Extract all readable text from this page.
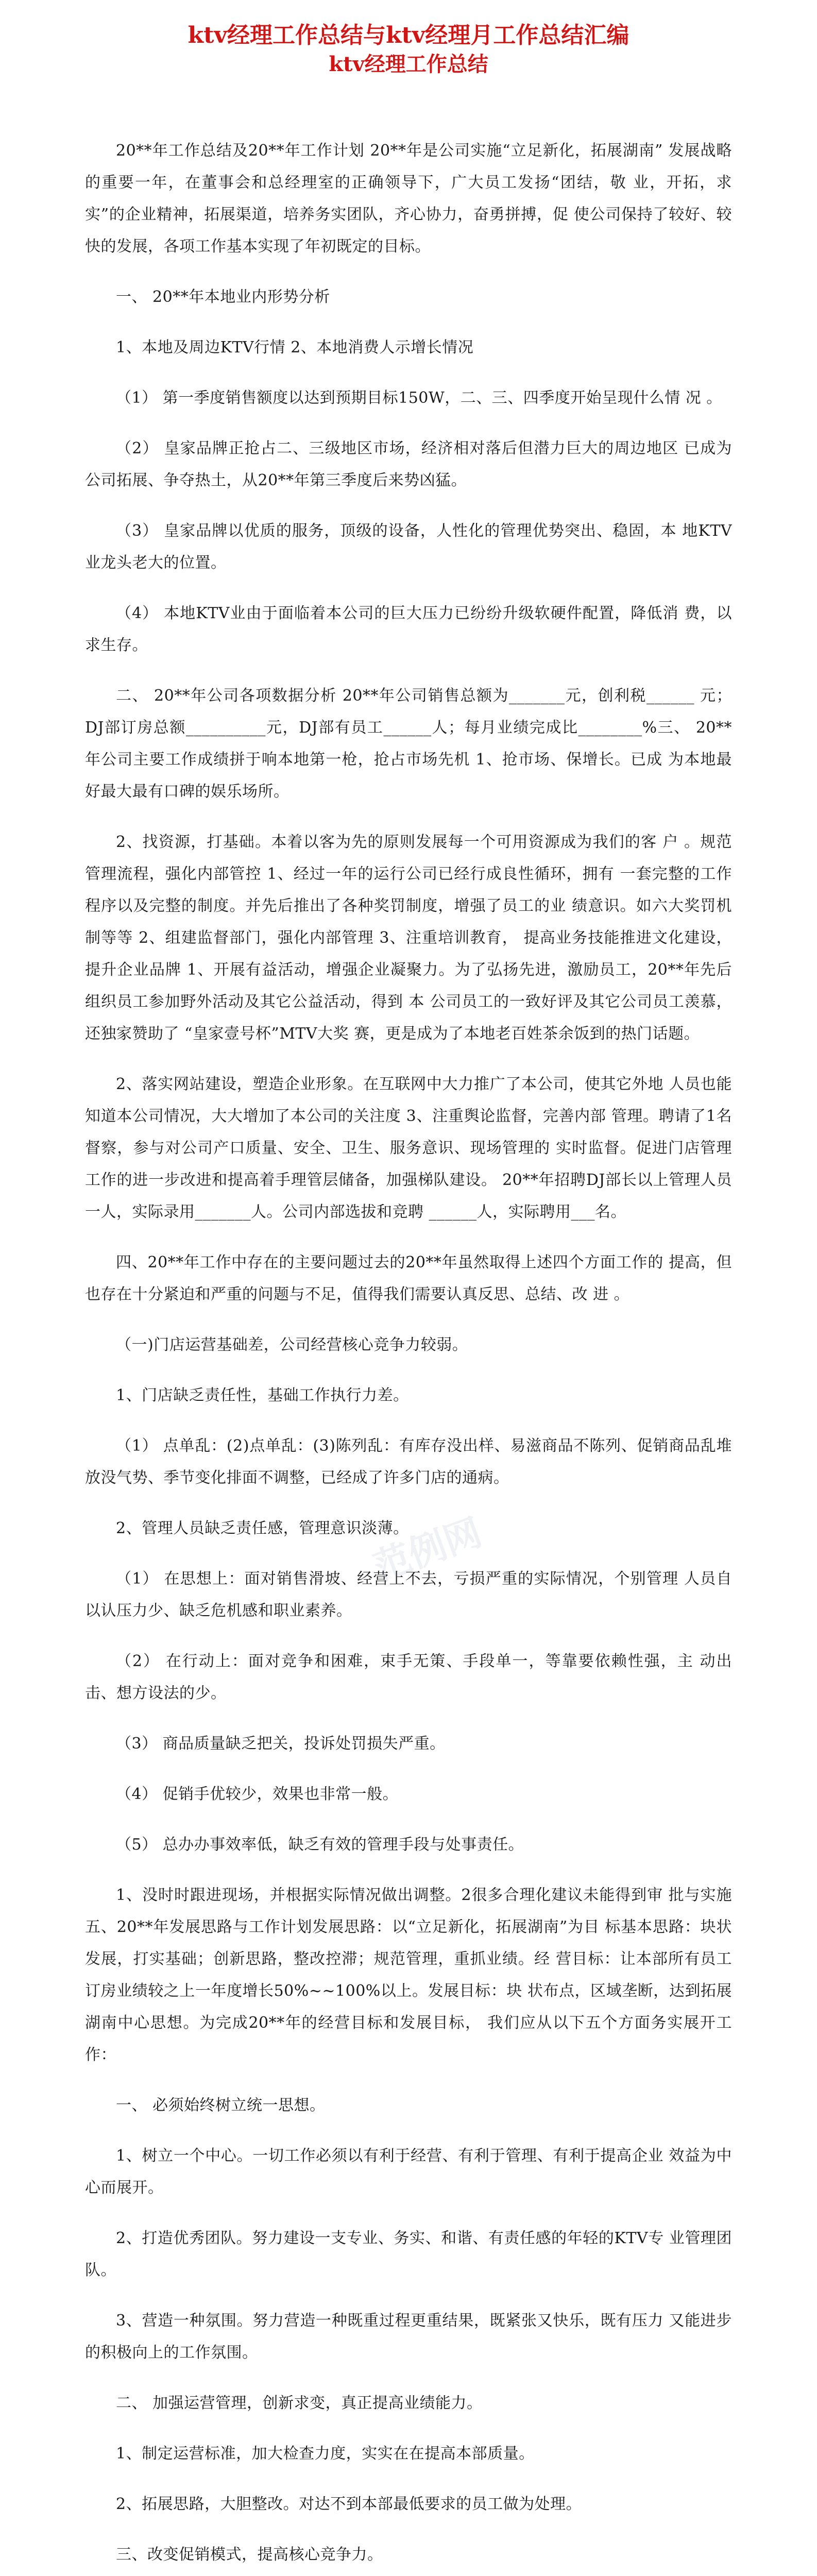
ktv经理工作总结与ktv经理月工作总结汇编

ktv经理工作总结

20**年工作总结及20**年工作计划 20**年是公司实施“立足新化，拓展湖南” 发展战略的重要一年，在董事会和总经理室的正确领导下，广大员工发扬“团结，敬 业，开拓，求实”的企业精神，拓展渠道，培养务实团队，齐心协力，奋勇拼搏，促 使公司保持了较好、较快的发展，各项工作基本实现了年初既定的目标。

一、 20**年本地业内形势分析

1、本地及周边KTV行情 2、本地消费人示增长情况

（1） 第一季度销售额度以达到预期目标150W，二、三、四季度开始呈现什么情 况 。

（2） 皇家品牌正抢占二、三级地区市场，经济相对落后但潜力巨大的周边地区 已成为公司拓展、争夺热土，从20**年第三季度后来势凶猛。

（3） 皇家品牌以优质的服务，顶级的设备，人性化的管理优势突出、稳固，本 地KTV业龙头老大的位置。

（4） 本地KTV业由于面临着本公司的巨大压力已纷纷升级软硬件配置，降低消 费，以求生存。

二、 20**年公司各项数据分析 20**年公司销售总额为_______元，创利税______ 元；DJ部订房总额__________元，DJ部有员工______人；每月业绩完成比________%三、 20**年公司主要工作成绩拼于响本地第一枪，抢占市场先机 1、抢市场、保增长。已成 为本地最好最大最有口碑的娱乐场所。

2、找资源，打基础。本着以客为先的原则发展每一个可用资源成为我们的客 户 。规范管理流程，强化内部管控 1、经过一年的运行公司已经行成良性循环，拥有 一套完整的工作程序以及完整的制度。并先后推出了各种奖罚制度，增强了员工的业 绩意识。如六大奖罚机制等等 2、组建监督部门，强化内部管理 3、注重培训教育， 提高业务技能推进文化建设，提升企业品牌 1、开展有益活动，增强企业凝聚力。为了弘扬先进，激励员工，20**年先后组织员工参加野外活动及其它公益活动，得到 本 公司员工的一致好评及其它公司员工羡慕，还独家赞助了 “皇家壹号杯”MTV大奖 赛，更是成为了本地老百姓茶余饭到的热门话题。

2、落实网站建设，塑造企业形象。在互联网中大力推广了本公司，使其它外地 人员也能知道本公司情况，大大增加了本公司的关注度 3、注重舆论监督，完善内部 管理。聘请了1名督察，参与对公司产口质量、安全、卫生、服务意识、现场管理的 实时监督。促进门店管理工作的进一步改进和提高着手理管层储备，加强梯队建设。 20**年招聘DJ部长以上管理人员一人，实际录用_______人。公司内部选拔和竞聘 ______人，实际聘用___名。

四、20**年工作中存在的主要问题过去的20**年虽然取得上述四个方面工作的 提高，但也存在十分紧迫和严重的问题与不足，值得我们需要认真反思、总结、改 进 。

（一)门店运营基础差，公司经营核心竞争力较弱。

1、门店缺乏责任性，基础工作执行力差。

（1） 点单乱：(2)点单乱：(3)陈列乱：有库存没出样、易滋商品不陈列、促销商品乱堆放没气势、季节变化排面不调整，已经成了许多门店的通病。

2、管理人员缺乏责任感，管理意识淡薄。

（1） 在思想上：面对销售滑坡、经营上不去，亏损严重的实际情况，个别管理 人员自以认压力少、缺乏危机感和职业素养。

（2） 在行动上：面对竞争和困难，束手无策、手段单一，等靠要依赖性强，主 动出击、想方设法的少。

（3） 商品质量缺乏把关，投诉处罚损失严重。

（4） 促销手优较少，效果也非常一般。

（5） 总办办事效率低，缺乏有效的管理手段与处事责任。

1、没时时跟进现场，并根据实际情况做出调整。2很多合理化建议未能得到审 批与实施五、20**年发展思路与工作计划发展思路：以“立足新化，拓展湖南”为目 标基本思路：块状发展，打实基础；创新思路，整改控滞；规范管理，重抓业绩。经 营目标：让本部所有员工订房业绩较之上一年度增长50%~~100%以上。发展目标：块 状布点，区域垄断，达到拓展湖南中心思想。为完成20**年的经营目标和发展目标， 我们应从以下五个方面务实展开工作：

一、 必须始终树立统一思想。

1、树立一个中心。一切工作必须以有利于经营、有利于管理、有利于提高企业 效益为中心而展开。

2、打造优秀团队。努力建设一支专业、务实、和谐、有责任感的年轻的KTV专 业管理团队。

3、营造一种氛围。努力营造一种既重过程更重结果，既紧张又快乐，既有压力 又能进步的积极向上的工作氛围。

二、 加强运营管理，创新求变，真正提高业绩能力。

1、制定运营标准，加大检查力度，实实在在提高本部质量。

2、拓展思路，大胆整改。对达不到本部最低要求的员工做为处理。

三、改变促销模式，提高核心竞争力。

范例网
